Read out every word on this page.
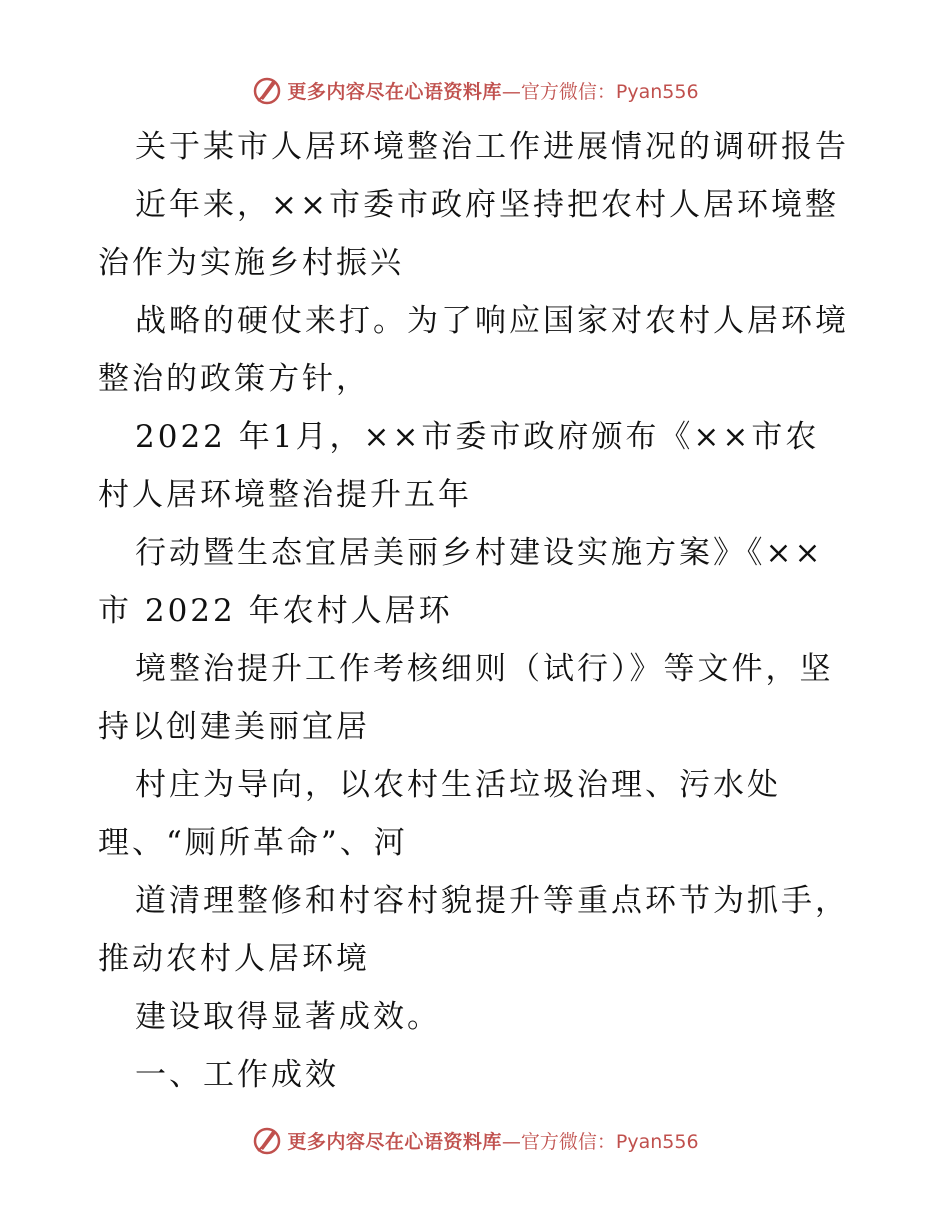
更多内容尽在心语资料库 —官方微信：Pyan556
关于某市人居环境整治工作进展情况的调研报告
近年来，××市委市政府坚持把农村人居环境整
治作为实施乡村振兴
战略的硬仗来打。为了响应国家对农村人居环境
整治的政策方针，
2022 年1月，××市委市政府颁布《××市农
村人居环境整治提升五年
行动暨生态宜居美丽乡村建设实施方案》《××
市 2022 年农村人居环
境整治提升工作考核细则（试行）》等文件，坚
持以创建美丽宜居
村庄为导向，以农村生活垃圾治理、污水处
理、“厕所革命”、河
道清理整修和村容村貌提升等重点环节为抓手，
推动农村人居环境
建设取得显著成效。
一、工作成效
更多内容尽在心语资料库 —官方微信：Pyan556
